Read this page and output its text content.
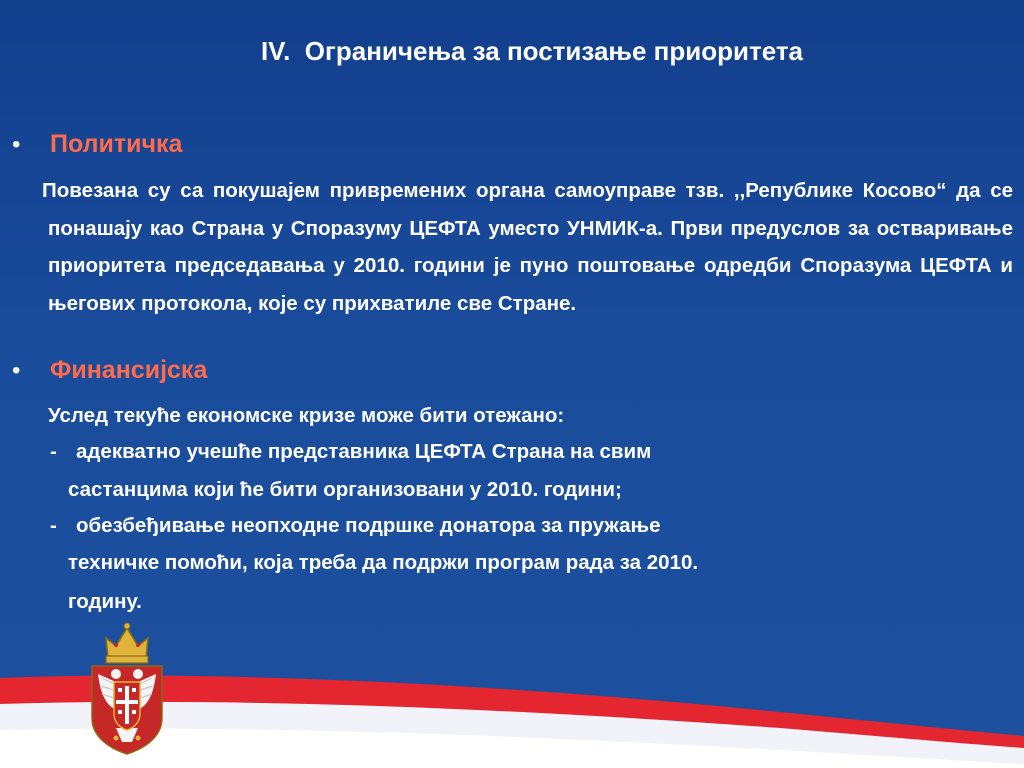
IV.  Ограничења за постизање приоритета
•	Политичка
Повезана су са покушајем привремених органа самоуправе тзв. ,,Републике Косово“ да се понашају као Страна у Споразуму ЦЕФТА уместо УНМИК-а. Први предуслов за остваривање приоритета председавања у 2010. години је пуно поштовање одредби Споразума ЦЕФТА и његових протокола, које су прихватиле све Стране.
•	Финансијска
Услед текуће економске кризе може бити отежано:
- адекватно учешће представника ЦЕФТА Страна на свим
састанцима који ће бити организовани у 2010. години;
- обезбеђивање неопходне подршке донатора за пружање
техничке помоћи, која треба да подржи програм рада за 2010.
годину.
